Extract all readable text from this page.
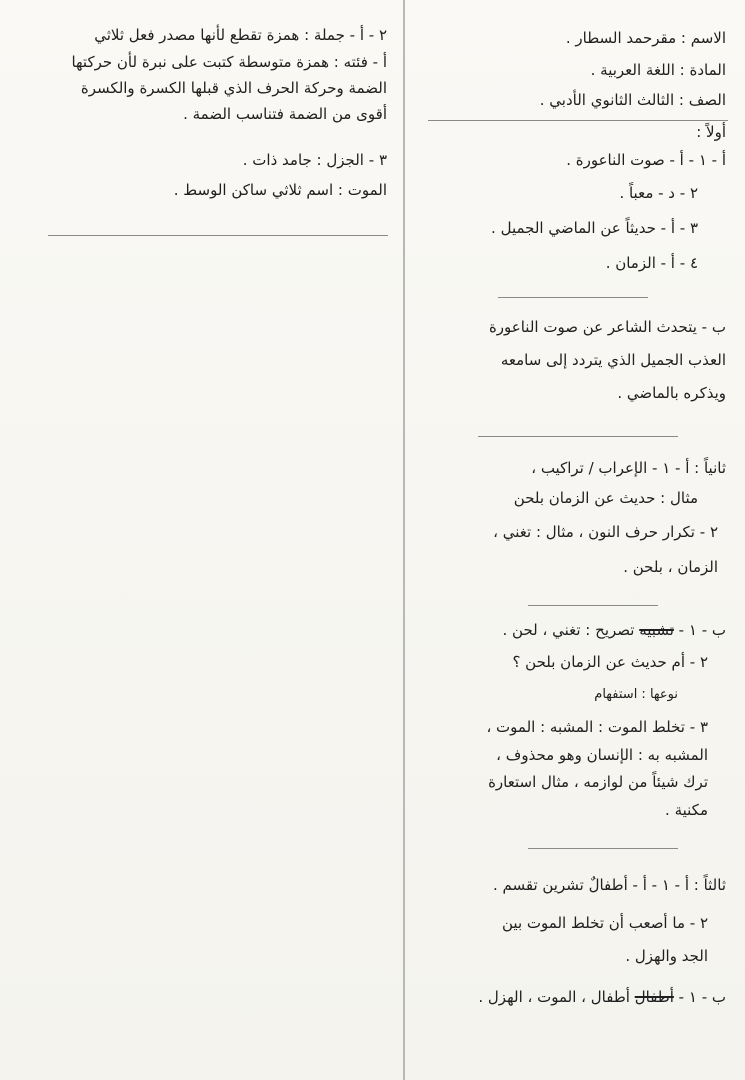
الاسم : مقرحمد السطار .
المادة : اللغة العربية .
الصف : الثالث الثانوي الأدبي .
أولاً :
أ - ١ - أ - صوت الناعورة .
٢ - د - معباً .
٣ - أ - حديثاً عن الماضي الجميل .
٤ - أ - الزمان .
ب - يتحدث الشاعر عن صوت الناعورة
العذب الجميل الذي يتردد إلى سامعه
ويذكره بالماضي .
ثانياً : أ - ١ - الإعراب / تراكيب ،
مثال : حديث عن الزمان بلحن
٢ - تكرار حرف النون ، مثال : تغني ،
الزمان ، بلحن .
ب - ١ - تشبيه تصريح : تغني ، لحن .
٢ - أم حديث عن الزمان بلحن ؟
نوعها : استفهام
٣ - تخلط الموت : المشبه : الموت ،
المشبه به : الإنسان وهو محذوف ،
ترك شيئاً من لوازمه ، مثال استعارة
مكنية .
ثالثاً : أ - ١ - أ - أطفالٌ تشرين تقسم .
٢ - ما أصعب أن تخلط الموت بين
الجد والهزل .
ب - ١ - أطفال أطفال ، الموت ، الهزل .
٢ - أ - جملة : همزة تقطع لأنها مصدر فعل ثلاثي
أ - فئته : همزة متوسطة كتبت على نبرة لأن حركتها
الضمة وحركة الحرف الذي قبلها الكسرة والكسرة
أقوى من الضمة فتناسب الضمة .
٣ - الجزل : جامد ذات .
الموت : اسم ثلاثي ساكن الوسط .
